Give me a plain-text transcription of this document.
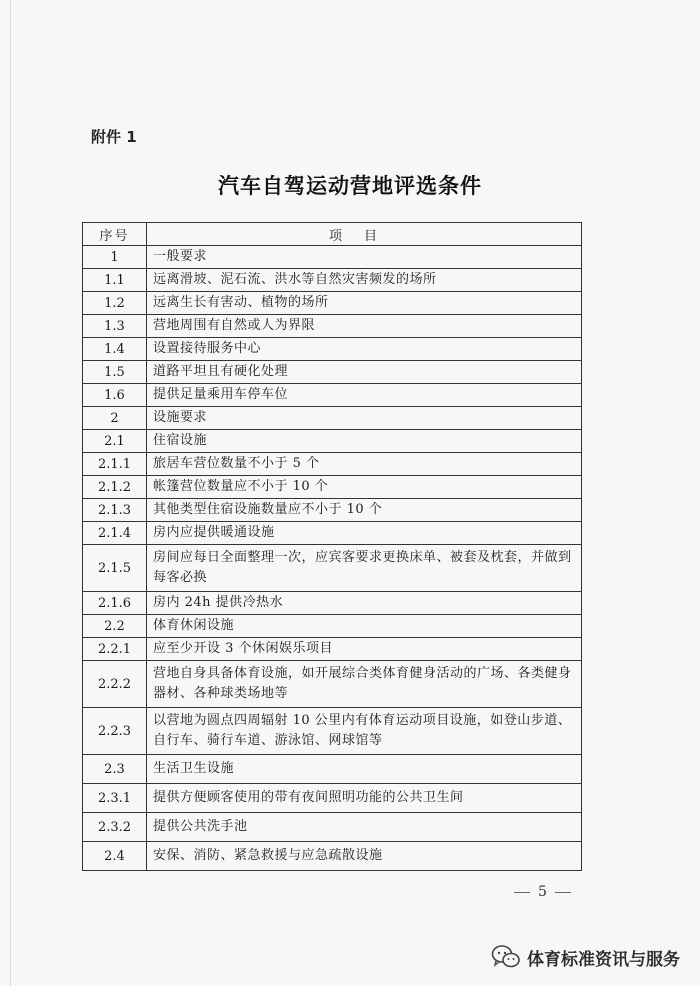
附件 1
汽车自驾运动营地评选条件
序号	项目
1	一般要求
1.1	远离滑坡、泥石流、洪水等自然灾害频发的场所
1.2	远离生长有害动、植物的场所
1.3	营地周围有自然或人为界限
1.4	设置接待服务中心
1.5	道路平坦且有硬化处理
1.6	提供足量乘用车停车位
2	设施要求
2.1	住宿设施
2.1.1	旅居车营位数量不小于 5 个
2.1.2	帐篷营位数量应不小于 10 个
2.1.3	其他类型住宿设施数量应不小于 10 个
2.1.4	房内应提供暖通设施
2.1.5	房间应每日全面整理一次，应宾客要求更换床单、被套及枕套，并做到每客必换
2.1.6	房内 24h 提供冷热水
2.2	体育休闲设施
2.2.1	应至少开设 3 个休闲娱乐项目
2.2.2	营地自身具备体育设施，如开展综合类体育健身活动的广场、各类健身器材、各种球类场地等
2.2.3	以营地为圆点四周辐射 10 公里内有体育运动项目设施，如登山步道、自行车、骑行车道、游泳馆、网球馆等
2.3	生活卫生设施
2.3.1	提供方便顾客使用的带有夜间照明功能的公共卫生间
2.3.2	提供公共洗手池
2.4	安保、消防、紧急救援与应急疏散设施
5
体育标准资讯与服务
